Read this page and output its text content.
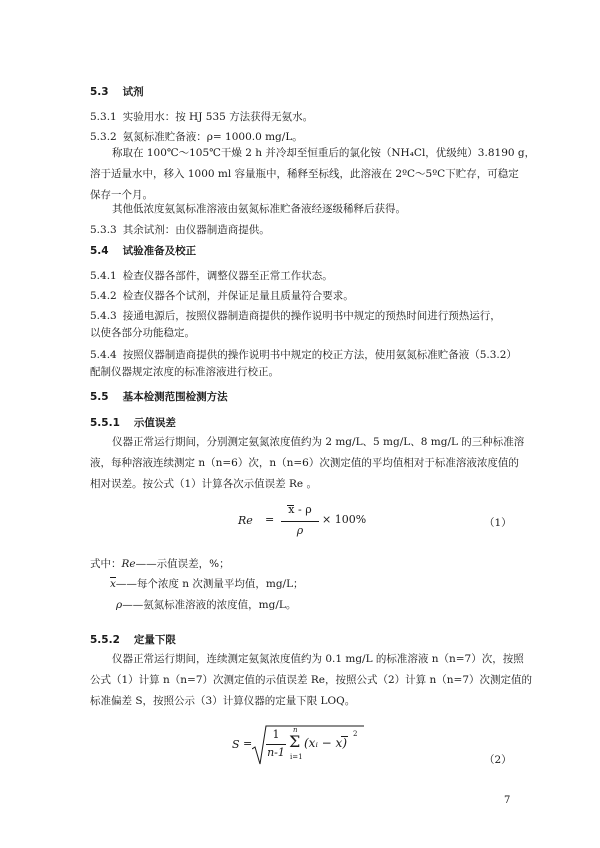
5.3 试剂
5.3.1 实验用水：按 HJ 535 方法获得无氨水。
5.3.2 氨氮标准贮备液：ρ= 1000.0 mg/L。
称取在 100℃～105℃干燥 2 h 并冷却至恒重后的氯化铵（NH₄Cl，优级纯）3.8190 g，
溶于适量水中，移入 1000 ml 容量瓶中，稀释至标线，此溶液在 2ºC～5ºC下贮存，可稳定
保存一个月。
其他低浓度氨氮标准溶液由氨氮标准贮备液经逐级稀释后获得。
5.3.3 其余试剂：由仪器制造商提供。
5.4 试验准备及校正
5.4.1 检查仪器各部件，调整仪器至正常工作状态。
5.4.2 检查仪器各个试剂，并保证足量且质量符合要求。
5.4.3 接通电源后，按照仪器制造商提供的操作说明书中规定的预热时间进行预热运行，
以使各部分功能稳定。
5.4.4 按照仪器制造商提供的操作说明书中规定的校正方法，使用氨氮标准贮备液（5.3.2）
配制仪器规定浓度的标准溶液进行校正。
5.5 基本检测范围检测方法
5.5.1 示值误差
仪器正常运行期间，分别测定氨氮浓度值约为 2 mg/L、5 mg/L、8 mg/L 的三种标准溶
液，每种溶液连续测定 n（n=6）次，n（n=6）次测定值的平均值相对于标准溶液浓度值的
相对误差。按公式（1）计算各次示值误差 Re 。
Re =
x - ρ
ρ
× 100%	（1）
式中：Re——示值误差，%；
x——每个浓度 n 次测量平均值，mg/L；
ρ——氨氮标准溶液的浓度值，mg/L。
5.5.2 定量下限
仪器正常运行期间，连续测定氨氮浓度值约为 0.1 mg/L 的标准溶液 n（n=7）次，按照
公式（1）计算 n（n=7）次测定值的示值误差 Re，按照公式（2）计算 n（n=7）次测定值的
标准偏差 S，按照公示（3）计算仪器的定量下限 LOQ。
S =
1
n-1
n
Σ
i=1
(xᵢ − x)
2
（2）
7
